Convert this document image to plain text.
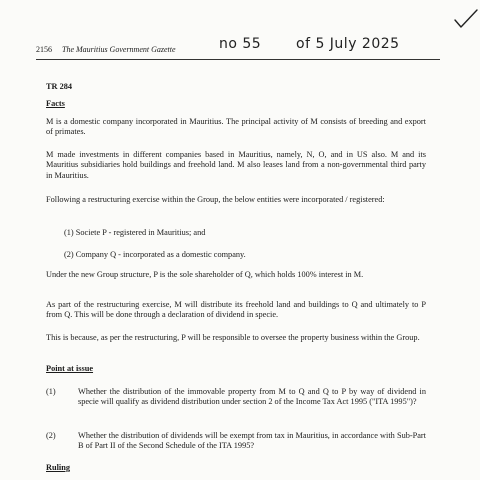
2156 The Mauritius Government Gazette	no 55 of 5 July 2025
TR 284
Facts
M is a domestic company incorporated in Mauritius. The principal activity of M consists of breeding and export of primates.
M made investments in different companies based in Mauritius, namely, N, O, and in US also. M and its Mauritius subsidiaries hold buildings and freehold land. M also leases land from a non-governmental third party in Mauritius.
Following a restructuring exercise within the Group, the below entities were incorporated / registered:
(1) Societe P - registered in Mauritius; and
(2) Company Q - incorporated as a domestic company.
Under the new Group structure, P is the sole shareholder of Q, which holds 100% interest in M.
As part of the restructuring exercise, M will distribute its freehold land and buildings to Q and ultimately to P from Q. This will be done through a declaration of dividend in specie.
This is because, as per the restructuring, P will be responsible to oversee the property business within the Group.
Point at issue
(1)	Whether the distribution of the immovable property from M to Q and Q to P by way of dividend in specie will qualify as dividend distribution under section 2 of the Income Tax Act 1995 ("ITA 1995")?
(2)	Whether the distribution of dividends will be exempt from tax in Mauritius, in accordance with Sub-Part B of Part II of the Second Schedule of the ITA 1995?
Ruling
